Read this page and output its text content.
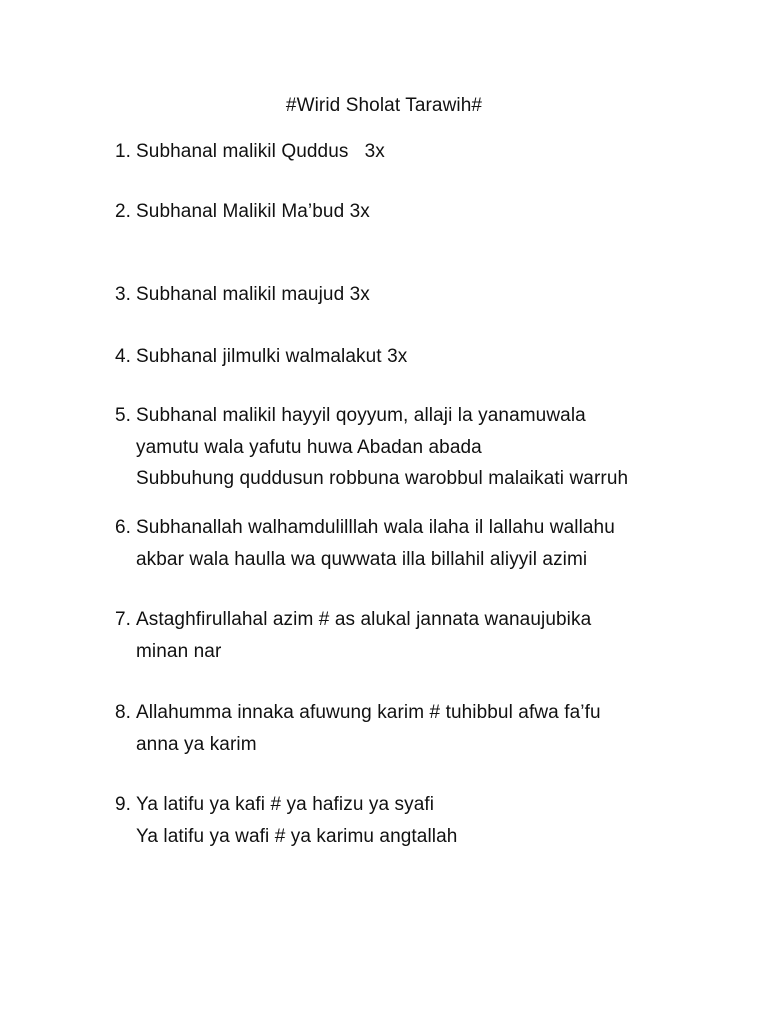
#Wirid Sholat Tarawih#
1. Subhanal malikil Quddus   3x
2. Subhanal Malikil Ma’bud 3x
3. Subhanal malikil maujud 3x
4. Subhanal jilmulki walmalakut 3x
5. Subhanal malikil hayyil qoyyum, allaji la yanamuwala
yamutu wala yafutu huwa Abadan abada
Subbuhung quddusun robbuna warobbul malaikati warruh
6. Subhanallah walhamdulilllah wala ilaha il lallahu wallahu
akbar wala haulla wa quwwata illa billahil aliyyil azimi
7. Astaghfirullahal azim # as alukal jannata wanaujubika
minan nar
8. Allahumma innaka afuwung karim # tuhibbul afwa fa’fu
anna ya karim
9. Ya latifu ya kafi # ya hafizu ya syafi
Ya latifu ya wafi # ya karimu angtallah
